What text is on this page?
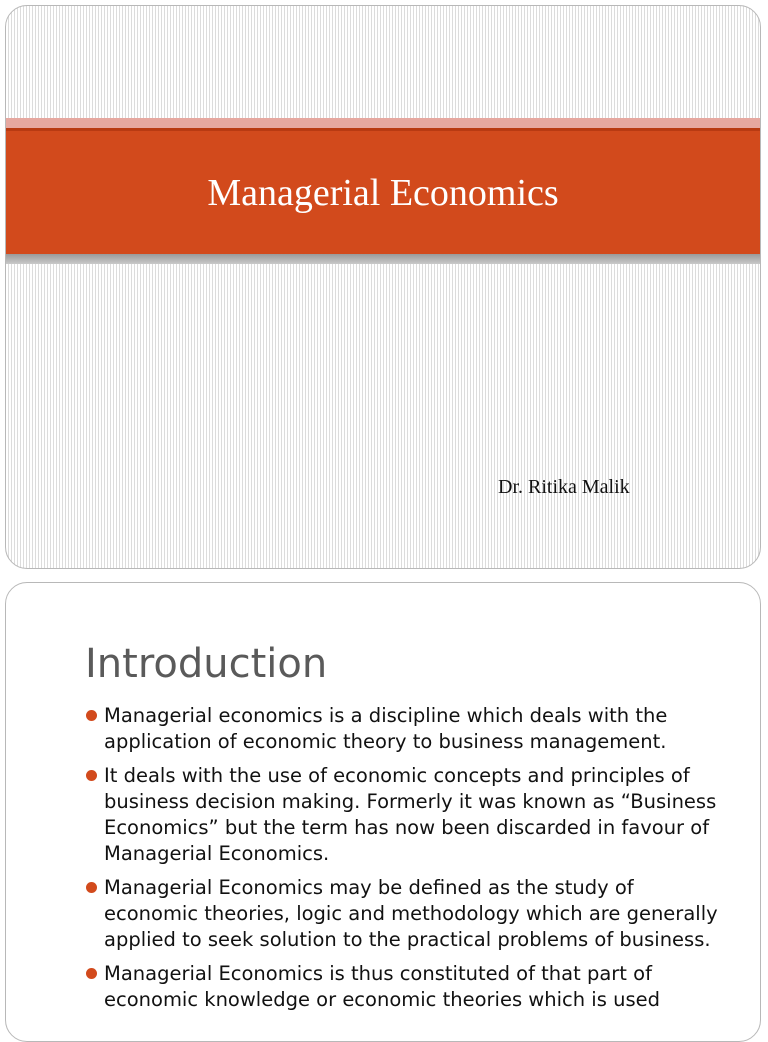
Managerial Economics
Dr. Ritika Malik
Introduction
Managerial economics is a discipline which deals with the application of economic theory to business management.
It deals with the use of economic concepts and principles of business decision making. Formerly it was known as “Business Economics” but the term has now been discarded in favour of Managerial Economics.
Managerial Economics may be defined as the study of economic theories, logic and methodology which are generally applied to seek solution to the practical problems of business.
Managerial Economics is thus constituted of that part of economic knowledge or economic theories which is used
